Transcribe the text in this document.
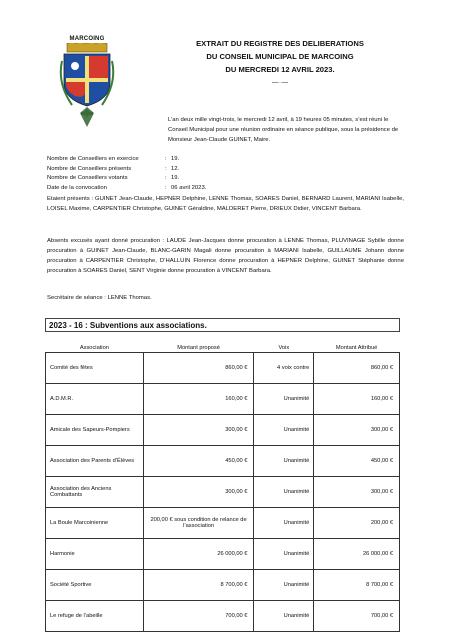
MARCOING	EXTRAIT DU REGISTRE DES DELIBERATIONS
DU CONSEIL MUNICIPAL DE MARCOING
DU MERCREDI 12 AVRIL 2023.
—··—
L’an deux mille vingt-trois, le mercredi 12 avril, à 19 heures 05 minutes, s’est réuni le Conseil Municipal pour une réunion ordinaire en séance publique, sous la présidence de Monsieur Jean-Claude GUINET, Maire.
Nombre de Conseillers en exercice	: 19.
Nombre de Conseillers présents	: 12.
Nombre de Conseillers votants	: 19.
Date de la convocation	: 06 avril 2023.
Etaient présents : GUINET Jean-Claude, HEPNER Delphine, LENNE Thomas, SOARES Daniel, BERNARD Laurent, MARIANI Isabelle, LOISEL Maxime, CARPENTIER Christophe, GUINET Géraldine, MALDERET Pierre, DRIEUX Didier, VINCENT Barbara.
Absents excusés ayant donné procuration : LAUDE Jean-Jacques donne procuration à LENNE Thomas, PLUVINAGE Sybille donne procuration à GUINET Jean-Claude, BLANC-GARIN Magali donne procuration à MARIANI Isabelle, GUILLAUME Johann donne procuration à CARPENTIER Christophe, D’HALLUIN Florence donne procuration à HEPNER Delphine, GUINET Stéphanie donne procuration à SOARES Daniel, SENT Virginie donne procuration à VINCENT Barbara.
Secrétaire de séance : LENNE Thomas.
2023 - 16 : Subventions aux associations.
Association	Montant proposé	Voix	Montant Attribué
Comité des fêtes	860,00 €	4 voix contre	860,00 €
A.D.M.R.	160,00 €	Unanimité	160,00 €
Amicale des Sapeurs-Pompiers	300,00 €	Unanimité	300,00 €
Association des Parents d’Élèves	450,00 €	Unanimité	450,00 €
Association des Anciens Combattants	300,00 €	Unanimité	300,00 €
La Boule Marcoinienne	200,00 € sous condition de relance de l’association	Unanimité	200,00 €
Harmonie	26 000,00 €	Unanimité	26 000,00 €
Société Sportive	8 700,00 €	Unanimité	8 700,00 €
Le refuge de l’abeille	700,00 €	Unanimité	700,00 €
